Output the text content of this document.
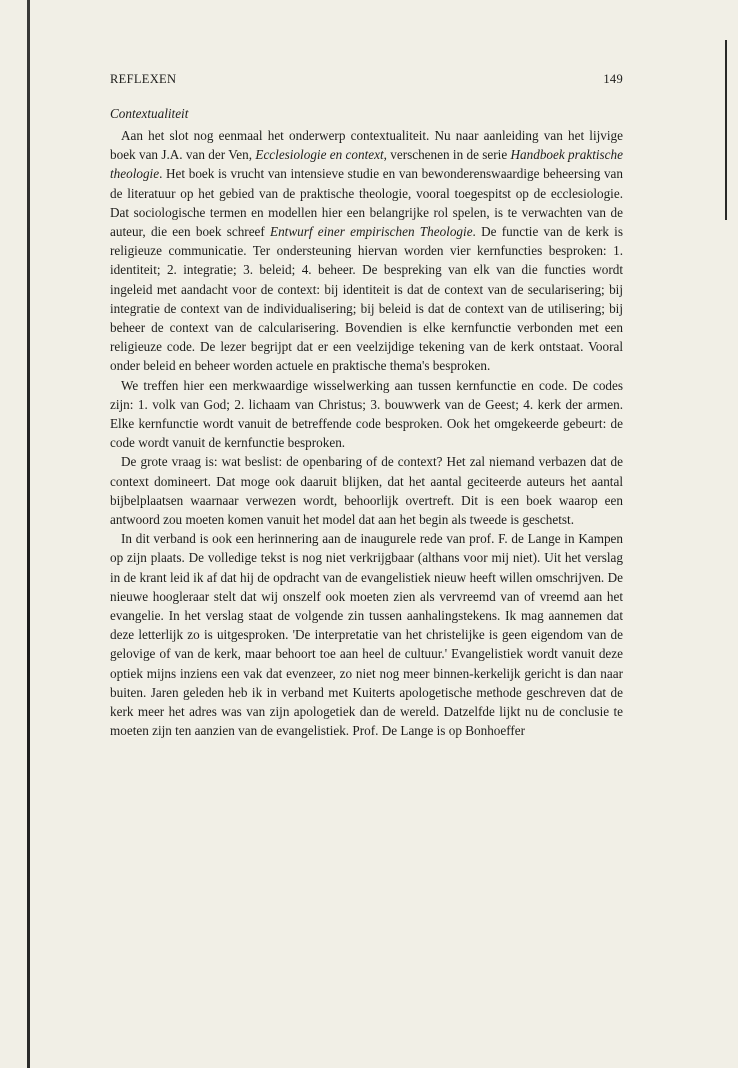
REFLEXEN	149
Contextualiteit

Aan het slot nog eenmaal het onderwerp contextualiteit. Nu naar aanleiding van het lijvige boek van J.A. van der Ven, Ecclesiologie en context, verschenen in de serie Handboek praktische theologie. Het boek is vrucht van intensieve studie en van bewonderenswaardige beheersing van de literatuur op het gebied van de praktische theologie, vooral toegespitst op de ecclesiologie. Dat sociologische termen en modellen hier een belangrijke rol spelen, is te verwachten van de auteur, die een boek schreef Entwurf einer empirischen Theologie. De functie van de kerk is religieuze communicatie. Ter ondersteuning hiervan worden vier kernfuncties besproken: 1. identiteit; 2. integratie; 3. beleid; 4. beheer. De bespreking van elk van die functies wordt ingeleid met aandacht voor de context: bij identiteit is dat de context van de secularisering; bij integratie de context van de individualisering; bij beleid is dat de context van de utilisering; bij beheer de context van de calcularisering. Bovendien is elke kernfunctie verbonden met een religieuze code. De lezer begrijpt dat er een veelzijdige tekening van de kerk ontstaat. Vooral onder beleid en beheer worden actuele en praktische thema's besproken.

We treffen hier een merkwaardige wisselwerking aan tussen kernfunctie en code. De codes zijn: 1. volk van God; 2. lichaam van Christus; 3. bouwwerk van de Geest; 4. kerk der armen. Elke kernfunctie wordt vanuit de betreffende code besproken. Ook het omgekeerde gebeurt: de code wordt vanuit de kernfunctie besproken.

De grote vraag is: wat beslist: de openbaring of de context? Het zal niemand verbazen dat de context domineert. Dat moge ook daaruit blijken, dat het aantal geciteerde auteurs het aantal bijbelplaatsen waarnaar verwezen wordt, behoorlijk overtreft. Dit is een boek waarop een antwoord zou moeten komen vanuit het model dat aan het begin als tweede is geschetst.

In dit verband is ook een herinnering aan de inaugurele rede van prof. F. de Lange in Kampen op zijn plaats. De volledige tekst is nog niet verkrijgbaar (althans voor mij niet). Uit het verslag in de krant leid ik af dat hij de opdracht van de evangelistiek nieuw heeft willen omschrijven. De nieuwe hoogleraar stelt dat wij onszelf ook moeten zien als vervreemd van of vreemd aan het evangelie. In het verslag staat de volgende zin tussen aanhalingstekens. Ik mag aannemen dat deze letterlijk zo is uitgesproken. 'De interpretatie van het christelijke is geen eigendom van de gelovige of van de kerk, maar behoort toe aan heel de cultuur.' Evangelistiek wordt vanuit deze optiek mijns inziens een vak dat evenzeer, zo niet nog meer binnen-kerkelijk gericht is dan naar buiten. Jaren geleden heb ik in verband met Kuiterts apologetische methode geschreven dat de kerk meer het adres was van zijn apologetiek dan de wereld. Datzelfde lijkt nu de conclusie te moeten zijn ten aanzien van de evangelistiek. Prof. De Lange is op Bonhoeffer
